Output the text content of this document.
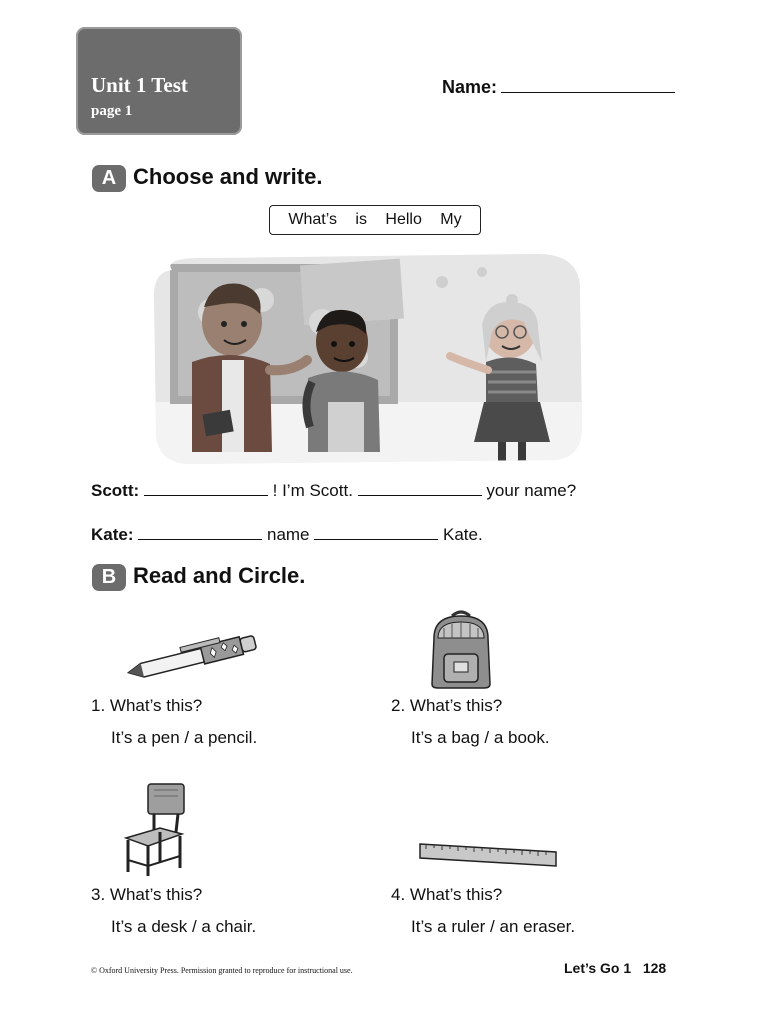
Unit 1 Test
page 1
Name:
A Choose and write.
What’s is Hello My
Scott:	! I’m Scott.	your name?
Kate:	name	Kate.
B Read and Circle.
1. What’s this?
It’s a pen / a pencil.
2. What’s this?
It’s a bag / a book.
3. What’s this?
It’s a desk / a chair.
4. What’s this?
It’s a ruler / an eraser.
© Oxford University Press. Permission granted to reproduce for instructional use.	Let’s Go 1 128
